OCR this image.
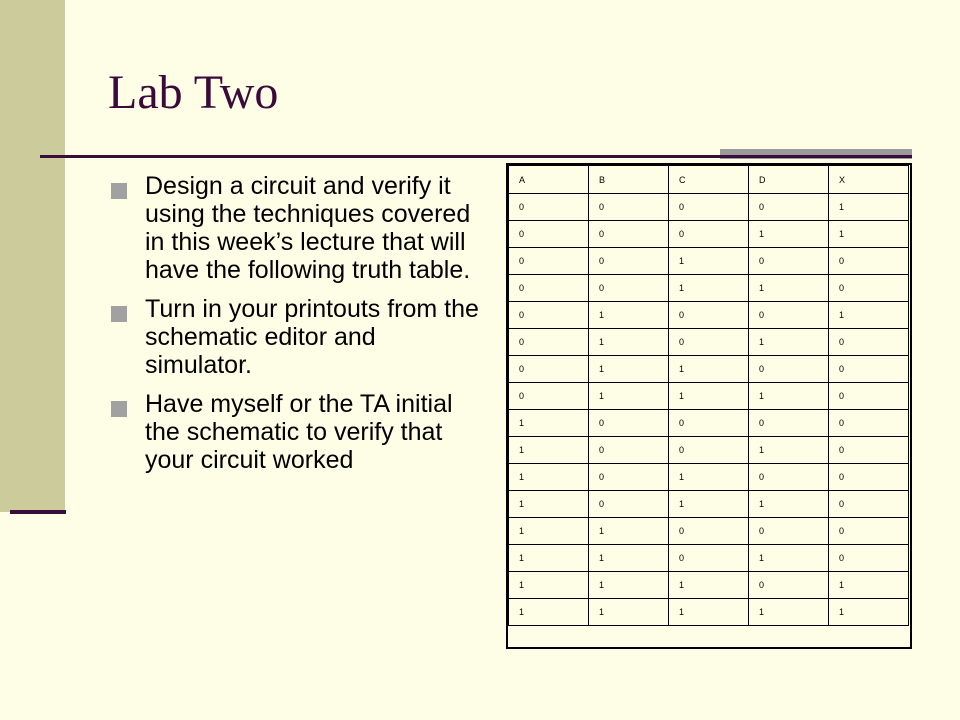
Lab Two
Design a circuit and verify it using the techniques covered in this week’s lecture that will have the following truth table.
Turn in your printouts from the schematic editor and simulator.
Have myself or the TA initial the schematic to verify that your circuit worked
A	B	C	D	X
0	0	0	0	1
0	0	0	1	1
0	0	1	0	0
0	0	1	1	0
0	1	0	0	1
0	1	0	1	0
0	1	1	0	0
0	1	1	1	0
1	0	0	0	0
1	0	0	1	0
1	0	1	0	0
1	0	1	1	0
1	1	0	0	0
1	1	0	1	0
1	1	1	0	1
1	1	1	1	1
